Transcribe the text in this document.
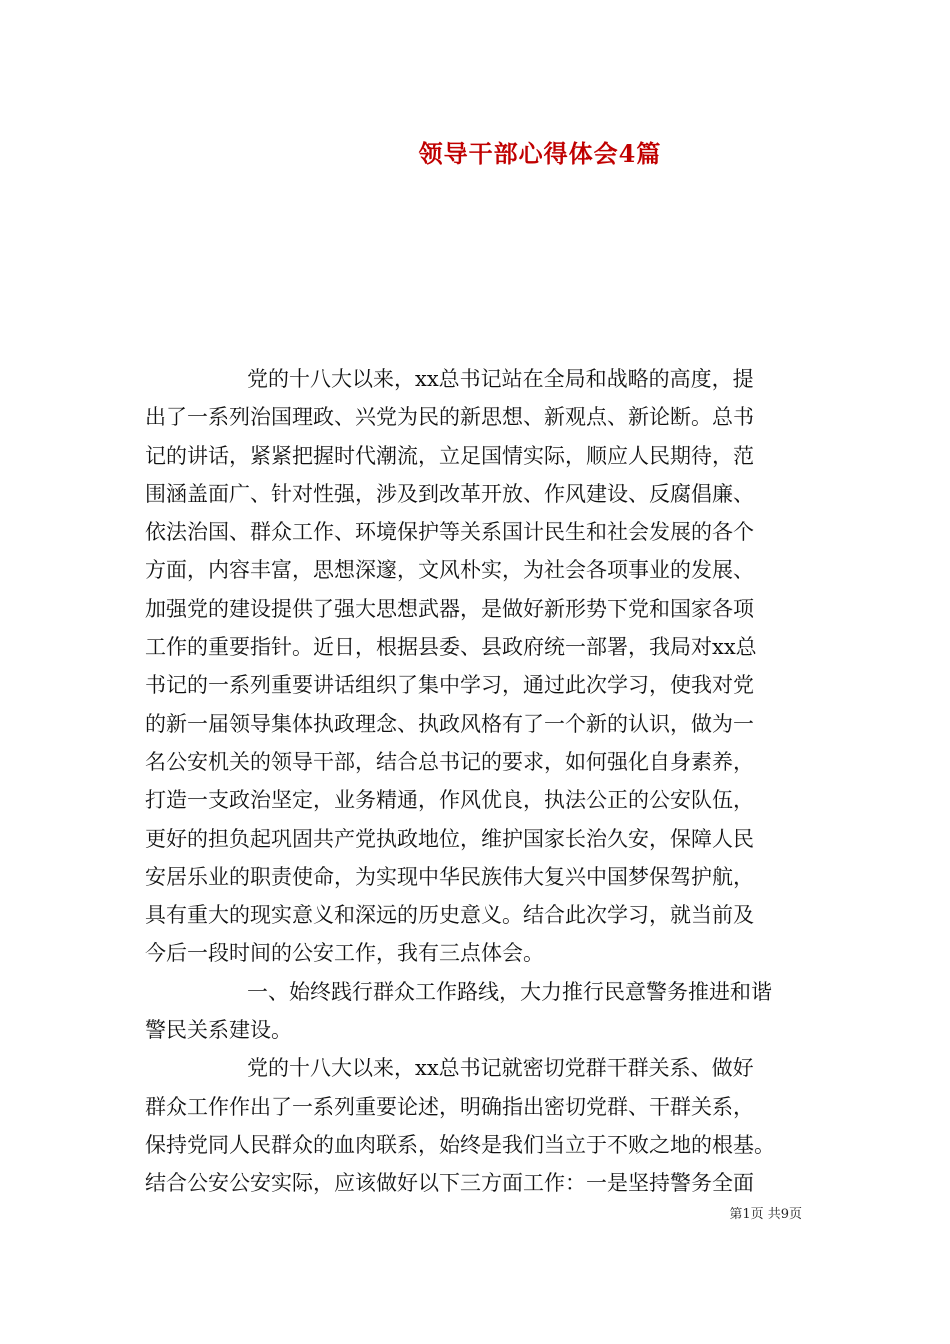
领导干部心得体会4篇
党的十八大以来，xx总书记站在全局和战略的高度，提
出了一系列治国理政、兴党为民的新思想、新观点、新论断。总书
记的讲话，紧紧把握时代潮流，立足国情实际，顺应人民期待，范
围涵盖面广、针对性强，涉及到改革开放、作风建设、反腐倡廉、
依法治国、群众工作、环境保护等关系国计民生和社会发展的各个
方面，内容丰富，思想深邃，文风朴实，为社会各项事业的发展、
加强党的建设提供了强大思想武器，是做好新形势下党和国家各项
工作的重要指针。近日，根据县委、县政府统一部署，我局对xx总
书记的一系列重要讲话组织了集中学习，通过此次学习，使我对党
的新一届领导集体执政理念、执政风格有了一个新的认识，做为一
名公安机关的领导干部，结合总书记的要求，如何强化自身素养，
打造一支政治坚定，业务精通，作风优良，执法公正的公安队伍，
更好的担负起巩固共产党执政地位，维护国家长治久安，保障人民
安居乐业的职责使命，为实现中华民族伟大复兴中国梦保驾护航，
具有重大的现实意义和深远的历史意义。结合此次学习，就当前及
今后一段时间的公安工作，我有三点体会。
一、始终践行群众工作路线，大力推行民意警务推进和谐
警民关系建设。
党的十八大以来，xx总书记就密切党群干群关系、做好
群众工作作出了一系列重要论述，明确指出密切党群、干群关系，
保持党同人民群众的血肉联系，始终是我们当立于不败之地的根基。
结合公安公安实际，应该做好以下三方面工作：一是坚持警务全面
第1页 共9页
